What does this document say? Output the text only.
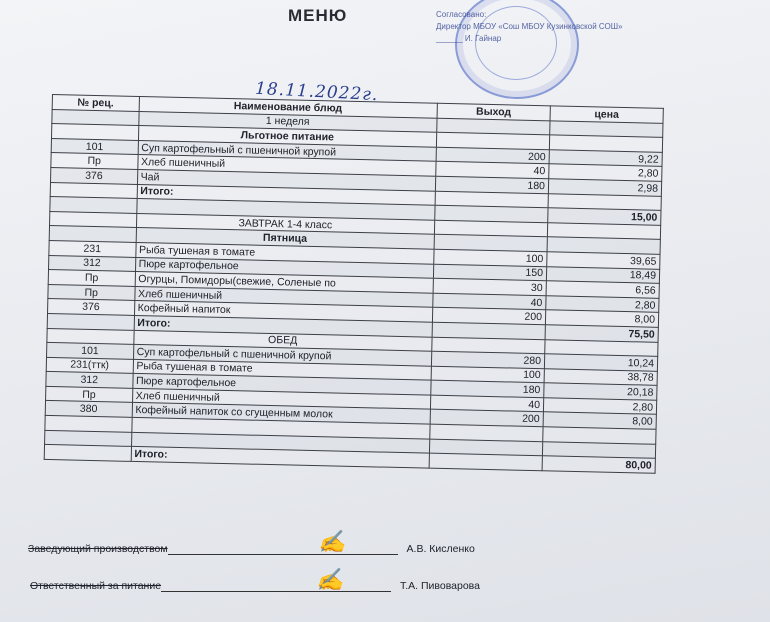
МЕНЮ	Согласовано:
Директор МБОУ «Сош МБОУ Кузинковской СОШ»
______ И. Гайнар
18.11.2022г.
№ рец.	Наименование блюд	Выход	цена
	1 неделя		
	Льготное питание		
101	Суп картофельный с пшеничной крупой	200	9,22
Пр	Хлеб пшеничный	40	2,80
376	Чай	180	2,98
	Итого:		
			15,00
	ЗАВТРАК 1-4 класс		
	Пятница		
231	Рыба тушеная в томате	100	39,65
312	Пюре картофельное	150	18,49
Пр	Огурцы, Помидоры(свежие, Соленые по	30	6,56
Пр	Хлеб пшеничный	40	2,80
376	Кофейный напиток	200	8,00
	Итого:		75,50
	ОБЕД		
101	Суп картофельный с пшеничной крупой	280	10,24
231(ттк)	Рыба тушеная в томате	100	38,78
312	Пюре картофельное	180	20,18
Пр	Хлеб пшеничный	40	2,80
380	Кофейный напиток со сгущенным молок	200	8,00

	Итого:		80,00
Заведующий производством	А.В. Кисленко
✍
Ответственный за питание	Т.А. Пивоварова
✍
